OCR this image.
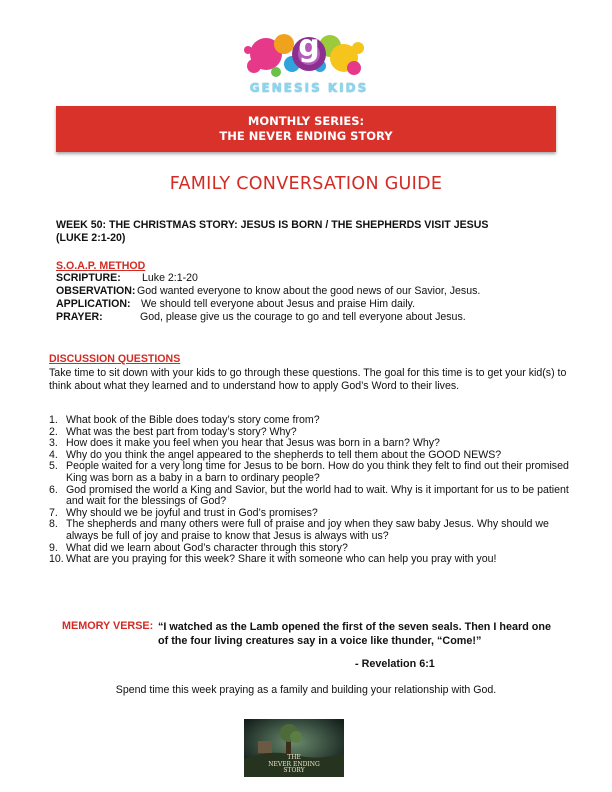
g
GENESIS KIDS
MONTHLY SERIES:
THE NEVER ENDING STORY
FAMILY CONVERSATION GUIDE
WEEK 50: THE CHRISTMAS STORY: JESUS IS BORN / THE SHEPHERDS VISIT JESUS
(LUKE 2:1-20)
S.O.A.P. METHOD
SCRIPTURE: Luke 2:1-20
OBSERVATION: God wanted everyone to know about the good news of our Savior, Jesus.
APPLICATION: We should tell everyone about Jesus and praise Him daily.
PRAYER:	God, please give us the courage to go and tell everyone about Jesus.
DISCUSSION QUESTIONS
Take time to sit down with your kids to go through these questions. The goal for this time is to get your kid(s) to think about what they learned and to understand how to apply God’s Word to their lives.
1. What book of the Bible does today’s story come from?
2. What was the best part from today’s story? Why?
3. How does it make you feel when you hear that Jesus was born in a barn? Why?
4. Why do you think the angel appeared to the shepherds to tell them about the GOOD NEWS?
5. People waited for a very long time for Jesus to be born. How do you think they felt to find out their promised King was born as a baby in a barn to ordinary people?
6. God promised the world a King and Savior, but the world had to wait. Why is it important for us to be patient and wait for the blessings of God?
7. Why should we be joyful and trust in God’s promises?
8. The shepherds and many others were full of praise and joy when they saw baby Jesus. Why should we always be full of joy and praise to know that Jesus is always with us?
9. What did we learn about God’s character through this story?
10. What are you praying for this week? Share it with someone who can help you pray with you!
MEMORY VERSE: “I watched as the Lamb opened the first of the seven seals. Then I heard one of the four living creatures say in a voice like thunder, “Come!”
- Revelation 6:1
Spend time this week praying as a family and building your relationship with God.
THE
NEVER ENDING
STORY
